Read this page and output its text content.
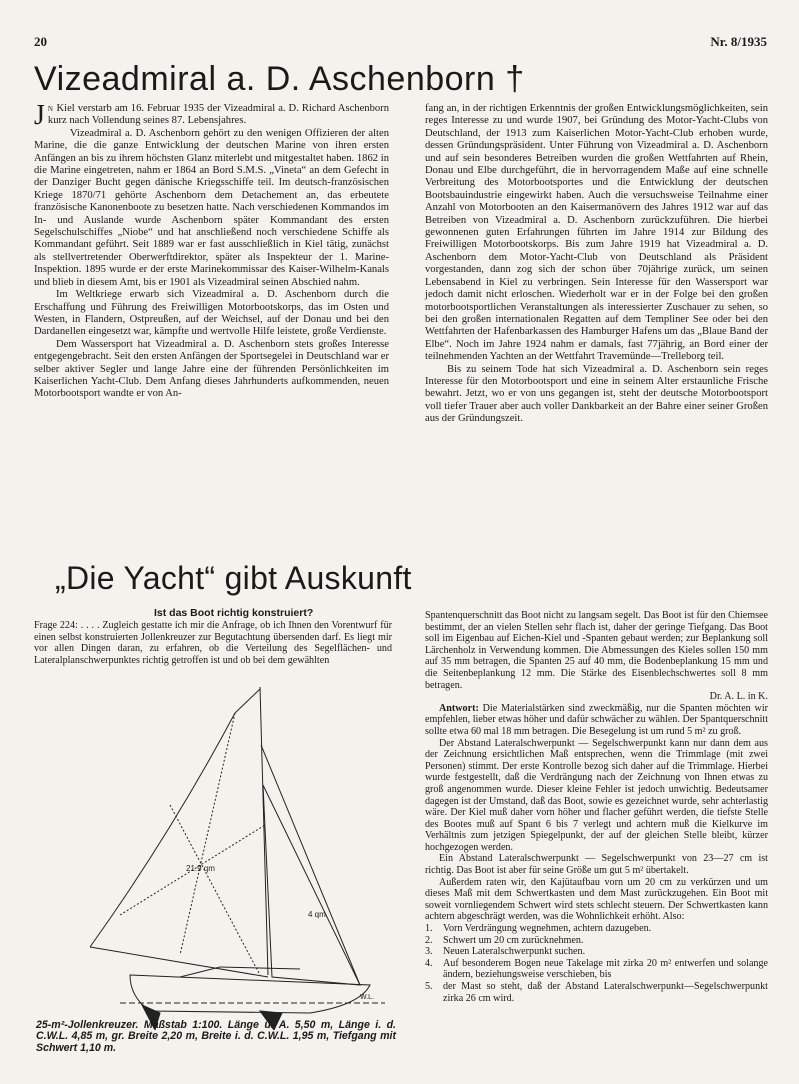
20	Nr. 8/1935
Vizeadmiral a. D. Aschenborn †

Jn Kiel verstarb am 16. Februar 1935 der Vizeadmiral a. D. Richard Aschenborn kurz nach Vollendung seines 87. Lebensjahres.

Vizeadmiral a. D. Aschenborn gehört zu den wenigen Offizieren der alten Marine, die die ganze Entwicklung der deutschen Marine von ihren ersten Anfängen an bis zu ihrem höchsten Glanz miterlebt und mitgestaltet haben. 1862 in die Marine eingetreten, nahm er 1864 an Bord S.M.S. „Vineta“ an dem Gefecht in der Danziger Bucht gegen dänische Kriegsschiffe teil. Im deutsch-französischen Kriege 1870/71 gehörte Aschenborn dem Detachement an, das erbeutete französische Kanonenboote zu besetzen hatte. Nach verschiedenen Kommandos im In- und Auslande wurde Aschenborn später Kommandant des ersten Segelschulschiffes „Niobe“ und hat anschließend noch verschiedene Schiffe als Kommandant geführt. Seit 1889 war er fast ausschließlich in Kiel tätig, zunächst als stellvertretender Oberwerftdirektor, später als Inspekteur der 1. Marine-Inspektion. 1895 wurde er der erste Marinekommissar des Kaiser-Wilhelm-Kanals und blieb in diesem Amt, bis er 1901 als Vizeadmiral seinen Abschied nahm.

Im Weltkriege erwarb sich Vizeadmiral a. D. Aschenborn durch die Erschaffung und Führung des Freiwilligen Motorbootskorps, das im Osten und Westen, in Flandern, Ostpreußen, auf der Weichsel, auf der Donau und bei den Dardanellen eingesetzt war, kämpfte und wertvolle Hilfe leistete, große Verdienste.

Dem Wassersport hat Vizeadmiral a. D. Aschenborn stets großes Interesse entgegengebracht. Seit den ersten Anfängen der Sportsegelei in Deutschland war er selber aktiver Segler und lange Jahre eine der führenden Persönlichkeiten im Kaiserlichen Yacht-Club. Dem Anfang dieses Jahrhunderts aufkommenden, neuen Motorbootsport wandte er von An-

fang an, in der richtigen Erkenntnis der großen Entwicklungsmöglichkeiten, sein reges Interesse zu und wurde 1907, bei Gründung des Motor-Yacht-Clubs von Deutschland, der 1913 zum Kaiserlichen Motor-Yacht-Club erhoben wurde, dessen Gründungspräsident. Unter Führung von Vizeadmiral a. D. Aschenborn und auf sein besonderes Betreiben wurden die großen Wettfahrten auf Rhein, Donau und Elbe durchgeführt, die in hervorragendem Maße auf eine schnelle Verbreitung des Motorbootsportes und die Entwicklung der deutschen Bootsbauindustrie eingewirkt haben. Auch die versuchsweise Teilnahme einer Anzahl von Motorbooten an den Kaisermanövern des Jahres 1912 war auf das Betreiben von Vizeadmiral a. D. Aschenborn zurückzuführen. Die hierbei gewonnenen guten Erfahrungen führten im Jahre 1914 zur Bildung des Freiwilligen Motorbootskorps. Bis zum Jahre 1919 hat Vizeadmiral a. D. Aschenborn dem Motor-Yacht-Club von Deutschland als Präsident vorgestanden, dann zog sich der schon über 70jährige zurück, um seinen Lebensabend in Kiel zu verbringen. Sein Interesse für den Wassersport war jedoch damit nicht erloschen. Wiederholt war er in der Folge bei den großen motorbootsportlichen Veranstaltungen als interessierter Zuschauer zu sehen, so bei den großen internationalen Regatten auf dem Templiner See oder bei den Wettfahrten der Hafenbarkassen des Hamburger Hafens um das „Blaue Band der Elbe“. Noch im Jahre 1924 nahm er damals, fast 77jährig, an Bord einer der teilnehmenden Yachten an der Wettfahrt Travemünde—Trelleborg teil.

Bis zu seinem Tode hat sich Vizeadmiral a. D. Aschenborn sein reges Interesse für den Motorbootsport und eine in seinem Alter erstaunliche Frische bewahrt. Jetzt, wo er von uns gegangen ist, steht der deutsche Motorbootsport voll tiefer Trauer aber auch voller Dankbarkeit an der Bahre einer seiner Großen aus der Gründungszeit.

„Die Yacht“ gibt Auskunft
Ist das Boot richtig konstruiert?

Frage 224: . . . . Zugleich gestatte ich mir die Anfrage, ob ich Ihnen den Vorentwurf für einen selbst konstruierten Jollenkreuzer zur Begutachtung übersenden darf. Es liegt mir vor allen Dingen daran, zu erfahren, ob die Verteilung des Segelflächen- und Lateralplanschwerpunktes richtig getroffen ist und ob bei dem gewählten

21.9 qm
4 qm
W.L.
25-m²-Jollenkreuzer. Maßstab 1:100. Länge ü. A. 5,50 m, Länge i. d. C.W.L. 4,85 m, gr. Breite 2,20 m, Breite i. d. C.W.L. 1,95 m, Tiefgang mit Schwert 1,10 m.

Spantenquerschnitt das Boot nicht zu langsam segelt. Das Boot ist für den Chiemsee bestimmt, der an vielen Stellen sehr flach ist, daher der geringe Tiefgang. Das Boot soll im Eigenbau auf Eichen-Kiel und -Spanten gebaut werden; zur Beplankung soll Lärchenholz in Verwendung kommen. Die Abmessungen des Kieles sollen 150 mm auf 35 mm betragen, die Spanten 25 auf 40 mm, die Bodenbeplankung 15 mm und die Seitenbeplankung 12 mm. Die Stärke des Eisenblechschwertes soll 8 mm betragen.

Dr. A. L. in K.

Antwort: Die Materialstärken sind zweckmäßig, nur die Spanten möchten wir empfehlen, lieber etwas höher und dafür schwächer zu wählen. Der Spantquerschnitt sollte etwa 60 mal 18 mm betragen. Die Besegelung ist um rund 5 m² zu groß.

Der Abstand Lateralschwerpunkt — Segelschwerpunkt kann nur dann dem aus der Zeichnung ersichtlichen Maß entsprechen, wenn die Trimmlage (mit zwei Personen) stimmt. Der erste Kontrolle bezog sich daher auf die Trimmlage. Hierbei wurde festgestellt, daß die Verdrängung nach der Zeichnung von Ihnen etwas zu groß angenommen wurde. Dieser kleine Fehler ist jedoch unwichtig. Bedeutsamer dagegen ist der Umstand, daß das Boot, sowie es gezeichnet wurde, sehr achterlastig wäre. Der Kiel muß daher vorn höher und flacher geführt werden, die tiefste Stelle des Bootes muß auf Spant 6 bis 7 verlegt und achtern muß die Kielkurve im Verhältnis zum jetzigen Spiegelpunkt, der auf der gleichen Stelle bleibt, kürzer hochgezogen werden.

Ein Abstand Lateralschwerpunkt — Segelschwerpunkt von 23—27 cm ist richtig. Das Boot ist aber für seine Größe um gut 5 m² übertakelt.

Außerdem raten wir, den Kajütaufbau vorn um 20 cm zu verkürzen und um dieses Maß mit dem Schwertkasten und dem Mast zurückzugehen. Ein Boot mit soweit vornliegendem Schwert wird stets schlecht steuern. Der Schwertkasten kann achtern abgeschrägt werden, was die Wohnlichkeit erhöht. Also:

1.	Vorn Verdrängung wegnehmen, achtern dazugeben.
2.	Schwert um 20 cm zurücknehmen.
3.	Neuen Lateralschwerpunkt suchen.
4.	Auf besonderem Bogen neue Takelage mit zirka 20 m² entwerfen und solange ändern, beziehungsweise verschieben, bis
5.	der Mast so steht, daß der Abstand Lateralschwerpunkt—Segelschwerpunkt zirka 26 cm wird.
